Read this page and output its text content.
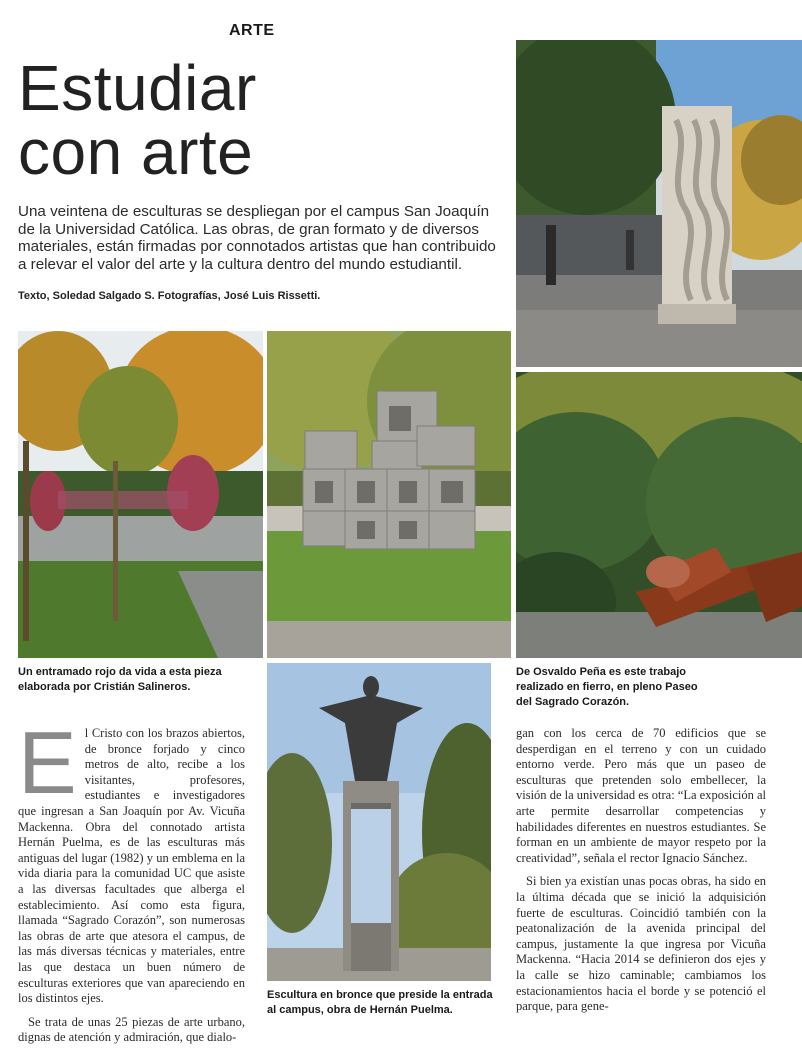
ARTE
Estudiar
con arte
Una veintena de esculturas se despliegan por el campus San Joaquín de la Universidad Católica. Las obras, de gran formato y de diversos materiales, están firmadas por connotados artistas que han contribuido a relevar el valor del arte y la cultura dentro del mundo estudiantil.
Texto, Soledad Salgado S. Fotografías, José Luis Rissetti.
Un entramado rojo da vida a esta pieza elaborada por Cristián Salineros.
De Osvaldo Peña es este trabajo realizado en fierro, en pleno Paseo del Sagrado Corazón.
Escultura en bronce que preside la entrada al campus, obra de Hernán Puelma.

El Cristo con los brazos abiertos, de bronce forjado y cinco metros de alto, recibe a los visitantes, profesores, estudiantes e investigadores que ingresan a San Joaquín por Av. Vicuña Mackenna. Obra del connotado artista Hernán Puelma, es de las esculturas más antiguas del lugar (1982) y un emblema en la vida diaria para la comunidad UC que asiste a las diversas facultades que alberga el establecimiento. Así como esta figura, llamada “Sagrado Corazón”, son numerosas las obras de arte que atesora el campus, de las más diversas técnicas y materiales, entre las que destaca un buen número de esculturas exteriores que van apareciendo en los distintos ejes.

Se trata de unas 25 piezas de arte urbano, dignas de atención y admiración, que dialo-

gan con los cerca de 70 edificios que se desperdigan en el terreno y con un cuidado entorno verde. Pero más que un paseo de esculturas que pretenden solo embellecer, la visión de la universidad es otra: “La exposición al arte permite desarrollar competencias y habilidades diferentes en nuestros estudiantes. Se forman en un ambiente de mayor respeto por la creatividad”, señala el rector Ignacio Sánchez.

Si bien ya existían unas pocas obras, ha sido en la última década que se inició la adquisición fuerte de esculturas. Coincidió también con la peatonalización de la avenida principal del campus, justamente la que ingresa por Vicuña Mackenna. “Hacia 2014 se definieron dos ejes y la calle se hizo caminable; cambiamos los estacionamientos hacia el borde y se potenció el parque, para gene-
